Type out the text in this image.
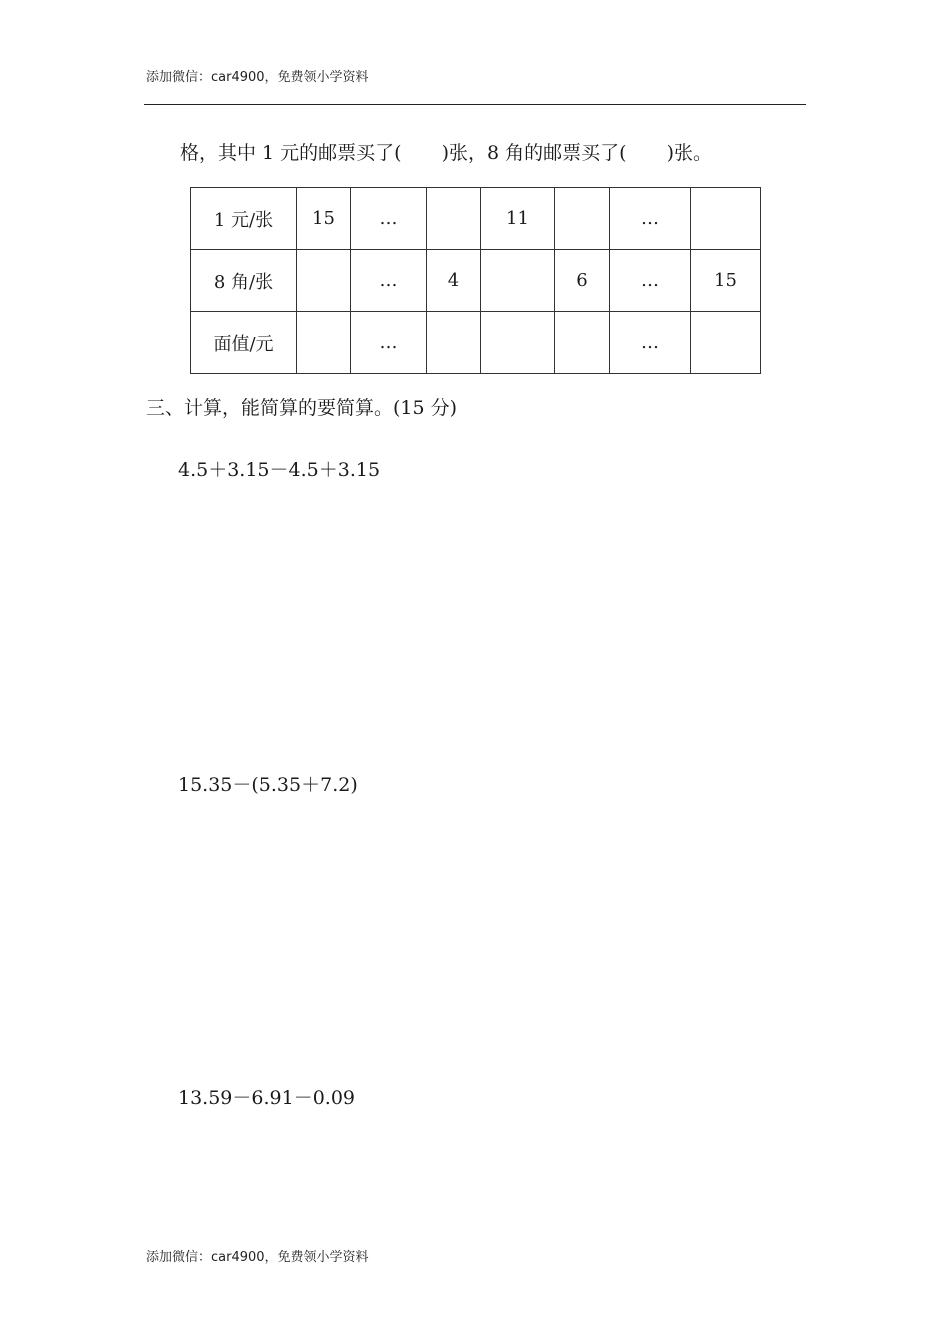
添加微信：car4900，免费领小学资料
格，其中 1 元的邮票买了( )张，8 角的邮票买了( )张。
1 元/张	15	…		11		…	
8 角/张		…	4		6	…	15
面值/元		…				…	
三、计算，能简算的要简算。(15 分)
4.5＋3.15－4.5＋3.15
15.35－(5.35＋7.2)
13.59－6.91－0.09
添加微信：car4900，免费领小学资料
